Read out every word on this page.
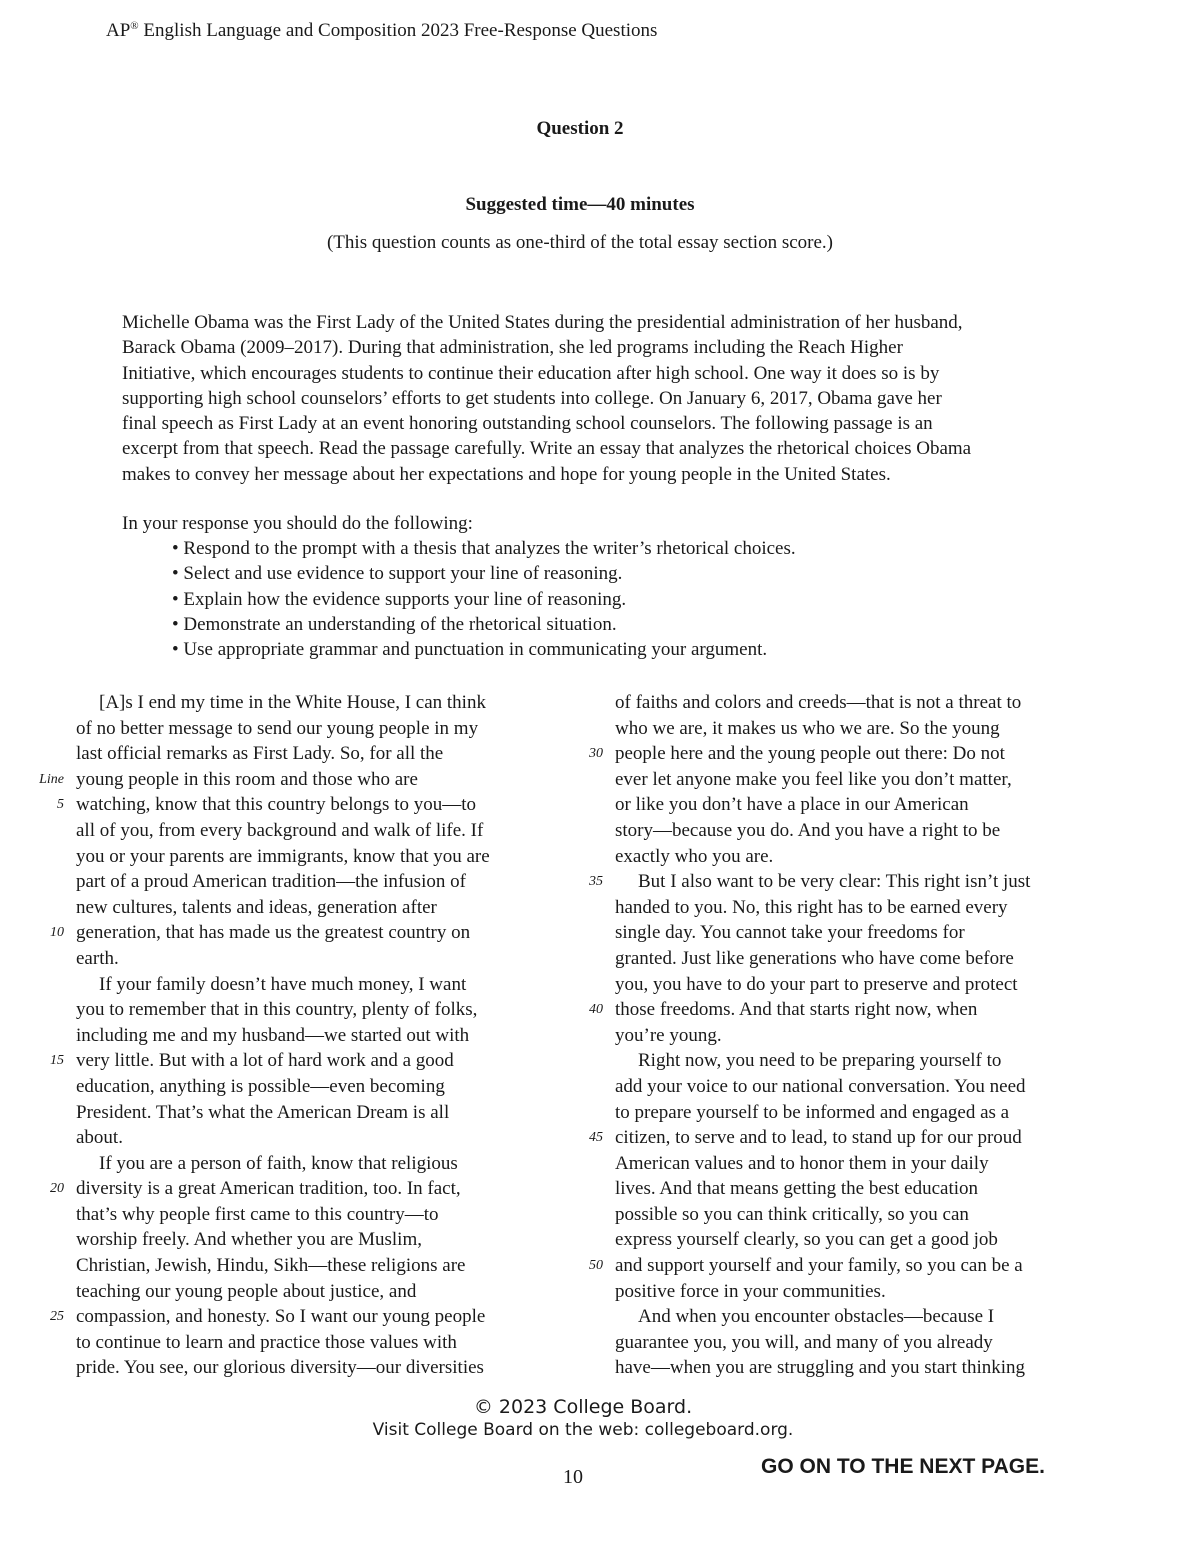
AP® English Language and Composition 2023 Free-Response Questions
Question 2
Suggested time—40 minutes
(This question counts as one-third of the total essay section score.)
Michelle Obama was the First Lady of the United States during the presidential administration of her husband,
Barack Obama (2009–2017). During that administration, she led programs including the Reach Higher
Initiative, which encourages students to continue their education after high school. One way it does so is by
supporting high school counselors’ efforts to get students into college. On January 6, 2017, Obama gave her
final speech as First Lady at an event honoring outstanding school counselors. The following passage is an
excerpt from that speech. Read the passage carefully. Write an essay that analyzes the rhetorical choices Obama
makes to convey her message about her expectations and hope for young people in the United States.
In your response you should do the following:
• Respond to the prompt with a thesis that analyzes the writer’s rhetorical choices.
• Select and use evidence to support your line of reasoning.
• Explain how the evidence supports your line of reasoning.
• Demonstrate an understanding of the rhetorical situation.
• Use appropriate grammar and punctuation in communicating your argument.
Line
5
10
15
20
25
30
35
40
45
50
[A]s I end my time in the White House, I can think
of no better message to send our young people in my
last official remarks as First Lady. So, for all the
young people in this room and those who are
watching, know that this country belongs to you—to
all of you, from every background and walk of life. If
you or your parents are immigrants, know that you are
part of a proud American tradition—the infusion of
new cultures, talents and ideas, generation after
generation, that has made us the greatest country on
earth.
If your family doesn’t have much money, I want
you to remember that in this country, plenty of folks,
including me and my husband—we started out with
very little. But with a lot of hard work and a good
education, anything is possible—even becoming
President. That’s what the American Dream is all
about.
If you are a person of faith, know that religious
diversity is a great American tradition, too. In fact,
that’s why people first came to this country—to
worship freely. And whether you are Muslim,
Christian, Jewish, Hindu, Sikh—these religions are
teaching our young people about justice, and
compassion, and honesty. So I want our young people
to continue to learn and practice those values with
pride. You see, our glorious diversity—our diversities
of faiths and colors and creeds—that is not a threat to
who we are, it makes us who we are. So the young
people here and the young people out there: Do not
ever let anyone make you feel like you don’t matter,
or like you don’t have a place in our American
story—because you do. And you have a right to be
exactly who you are.
But I also want to be very clear: This right isn’t just
handed to you. No, this right has to be earned every
single day. You cannot take your freedoms for
granted. Just like generations who have come before
you, you have to do your part to preserve and protect
those freedoms. And that starts right now, when
you’re young.
Right now, you need to be preparing yourself to
add your voice to our national conversation. You need
to prepare yourself to be informed and engaged as a
citizen, to serve and to lead, to stand up for our proud
American values and to honor them in your daily
lives. And that means getting the best education
possible so you can think critically, so you can
express yourself clearly, so you can get a good job
and support yourself and your family, so you can be a
positive force in your communities.
And when you encounter obstacles—because I
guarantee you, you will, and many of you already
have—when you are struggling and you start thinking
© 2023 College Board.
Visit College Board on the web: collegeboard.org.
10	GO ON TO THE NEXT PAGE.
